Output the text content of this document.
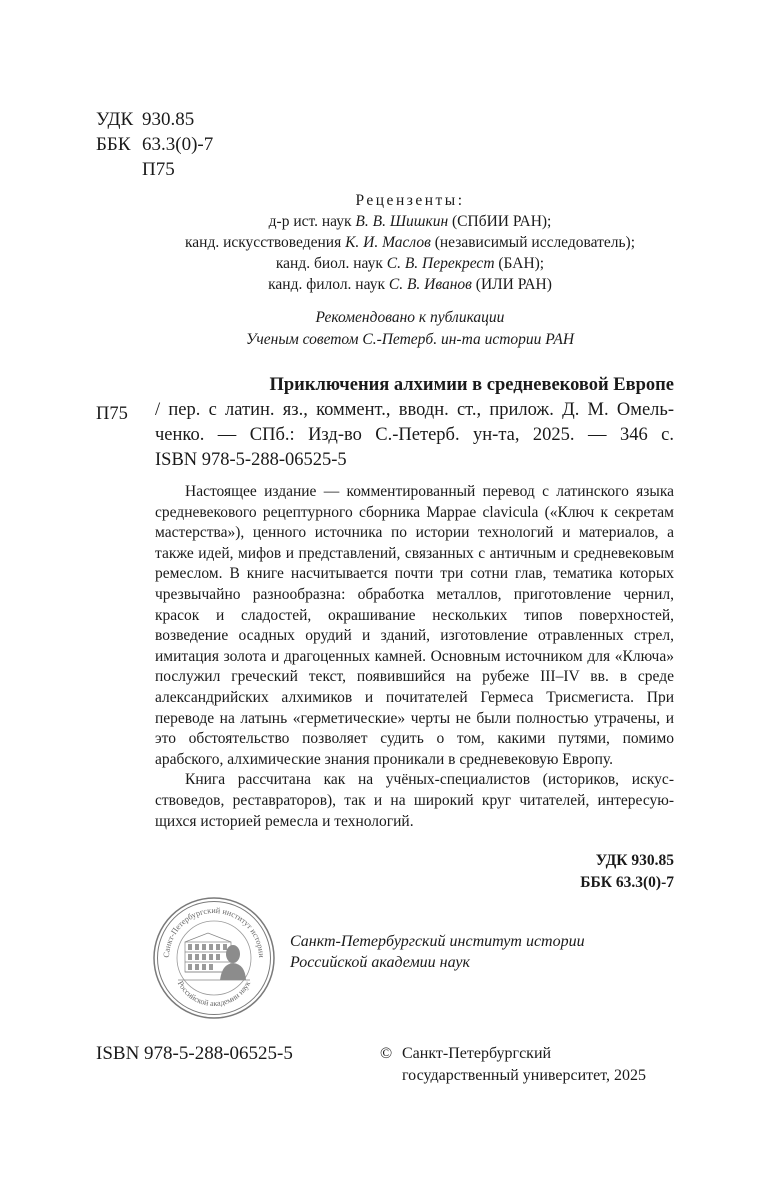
УДК 930.85
ББК 63.3(0)-7
П75
Рецензенты:
д-р ист. наук В. В. Шишкин (СПбИИ РАН);
канд. искусствоведения К. И. Маслов (независимый исследователь);
канд. биол. наук С. В. Перекрест (БАН);
канд. филол. наук С. В. Иванов (ИЛИ РАН)
Рекомендовано к публикации
Ученым советом С.-Петерб. ин-та истории РАН
П75
Приключения алхимии в средневековой Европе
/ пер. с латин. яз., коммент., вводн. ст., прилож. Д. М. Омельченко. — СПб.: Изд-во С.-Петерб. ун-та, 2025. — 346 с.
ISBN 978-5-288-06525-5

Настоящее издание — комментированный перевод с латинского языка средневекового рецептурного сборника Mappae clavicula («Ключ к секретам мастерства»), ценного источника по истории технологий и материалов, а также идей, мифов и представлений, связанных с античным и средневековым ремеслом. В книге насчитывается почти три сотни глав, тематика которых чрезвычайно разнообразна: обработка металлов, приготовление чернил, красок и сладостей, окрашивание нескольких типов поверхностей, возведение осадных орудий и зданий, изготовление отравленных стрел, имитация золота и драгоценных камней. Основным источником для «Ключа» послужил греческий текст, появившийся на рубеже III–IV вв. в среде александрийских алхимиков и почитателей Гермеса Трисмегиста. При переводе на латынь «герметические» черты не были полностью утрачены, и это обстоятельство позволяет судить о том, какими путями, помимо арабского, алхимические знания проникали в средневековую Европу.

Книга рассчитана как на учёных-специалистов (историков, искусствоведов, реставраторов), так и на широкий круг читателей, интересующихся историей ремесла и технологий.

УДК 930.85
ББК 63.3(0)-7
Санкт-Петербургский институт истории
Российской академии наук
Санкт-Петербургский институт истории
Российской академии наук
ISBN 978-5-288-06525-5	© Санкт-Петербургский
государственный университет, 2025
